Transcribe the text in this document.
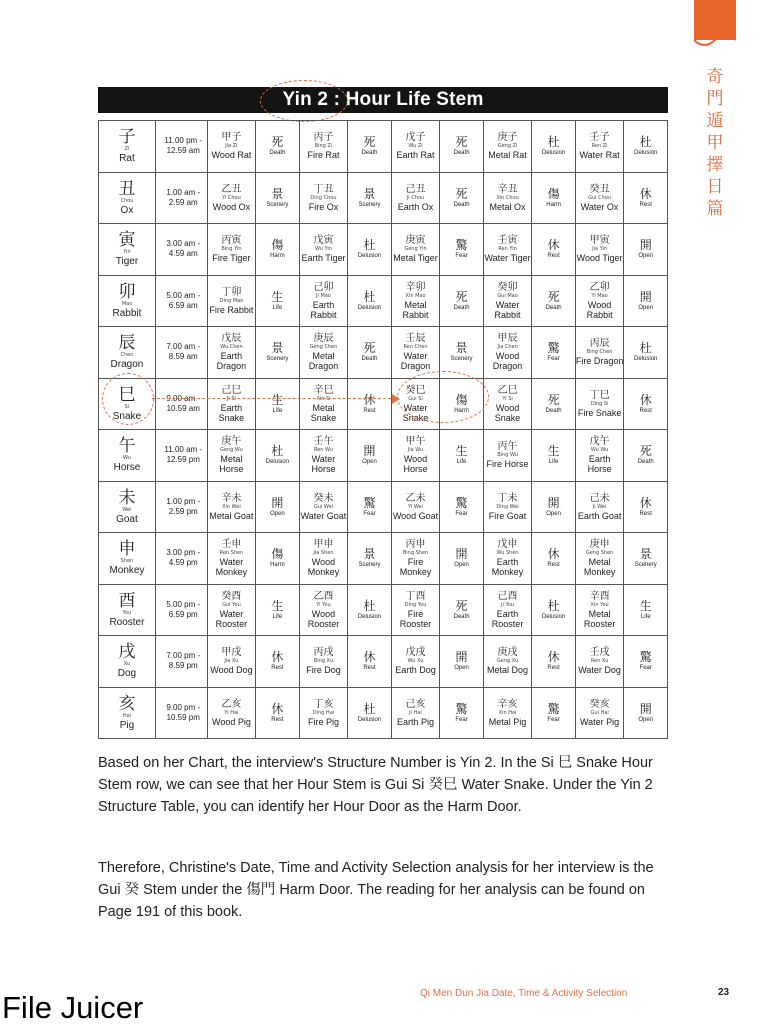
奇門遁甲擇日篇
Yin 2 : Hour Life Stem
子
Zi
Rat	11.00 pm -
12.59 am	甲子
Jia Zi
Wood Rat	死
Death	丙子
Bing Zi
Fire Rat	死
Death	戊子
Wu Zi
Earth Rat	死
Death	庚子
Geng Zi
Metal Rat	杜
Delusion	壬子
Ren Zi
Water Rat	杜
Delusion

丑
Chou
Ox	1.00 am -
2.59 am	乙丑
Yi Chou
Wood Ox	景
Scenery	丁丑
Ding Chou
Fire Ox	景
Scenery	己丑
Ji Chou
Earth Ox	死
Death	辛丑
Xin Chou
Metal Ox	傷
Harm	癸丑
Gui Chou
Water Ox	休
Rest

寅
Yin
Tiger	3.00 am -
4.59 am	丙寅
Bing Yin
Fire Tiger	傷
Harm	戊寅
Wu Yin
Earth Tiger	杜
Delusion	庚寅
Geng Yin
Metal Tiger	驚
Fear	壬寅
Ren Yin
Water Tiger	休
Rest	甲寅
Jia Yin
Wood Tiger	開
Open

卯
Mao
Rabbit	5.00 am -
6.59 am	丁卯
Ding Mao
Fire Rabbit	生
Life	己卯
Ji Mao
Earth Rabbit	杜
Delusion	辛卯
Xin Mao
Metal Rabbit	死
Death	癸卯
Gui Mao
Water Rabbit	死
Death	乙卯
Yi Mao
Wood Rabbit	開
Open

辰
Chen
Dragon	7.00 am -
8.59 am	戊辰
Wu Chen
Earth Dragon	景
Scenery	庚辰
Geng Chen
Metal Dragon	死
Death	壬辰
Ren Chen
Water Dragon	景
Scenery	甲辰
Jia Chen
Wood Dragon	驚
Fear	丙辰
Bing Chen
Fire Dragon	杜
Delusion

巳
Si
Snake	9.00 am -
10.59 am	己巳
Ji Si
Earth Snake	生
Life	辛巳
Xin Si
Metal Snake	休
Rest	癸巳
Gui Si
Water Snake	傷
Harm	乙巳
Yi Si
Wood Snake	死
Death	丁巳
Ding Si
Fire Snake	休
Rest

午
Wu
Horse	11.00 am -
12.59 pm	庚午
Geng Wu
Metal Horse	杜
Delusion	壬午
Ren Wu
Water Horse	開
Open	甲午
Jia Wu
Wood Horse	生
Life	丙午
Bing Wu
Fire Horse	生
Life	戊午
Wu Wu
Earth Horse	死
Death

未
Wei
Goat	1.00 pm -
2.59 pm	辛未
Xin Wei
Metal Goat	開
Open	癸未
Gui Wei
Water Goat	驚
Fear	乙未
Yi Wei
Wood Goat	驚
Fear	丁未
Ding Wei
Fire Goat	開
Open	己未
Ji Wei
Earth Goat	休
Rest

申
Shen
Monkey	3.00 pm -
4.59 pm	壬申
Ren Shen
Water Monkey	傷
Harm	甲申
Jia Shen
Wood Monkey	景
Scenery	丙申
Bing Shen
Fire Monkey	開
Open	戊申
Wu Shen
Earth Monkey	休
Rest	庚申
Geng Shen
Metal Monkey	景
Scenery

酉
You
Rooster	5.00 pm -
6.59 pm	癸酉
Gui You
Water Rooster	生
Life	乙酉
Yi You
Wood Rooster	杜
Delusion	丁酉
Ding You
Fire Rooster	死
Death	己酉
Ji You
Earth Rooster	杜
Delusion	辛酉
Xin You
Metal Rooster	生
Life

戌
Xu
Dog	7.00 pm -
8.59 pm	甲戌
Jia Xu
Wood Dog	休
Rest	丙戌
Bing Xu
Fire Dog	休
Rest	戊戌
Wu Xu
Earth Dog	開
Open	庚戌
Geng Xu
Metal Dog	休
Rest	壬戌
Ren Xu
Water Dog	驚
Fear

亥
Hai
Pig	9.00 pm -
10.59 pm	乙亥
Yi Hai
Wood Pig	休
Rest	丁亥
Ding Hai
Fire Pig	杜
Delusion	己亥
Ji Hai
Earth Pig	驚
Fear	辛亥
Xin Hai
Metal Pig	驚
Fear	癸亥
Gui Hai
Water Pig	開
Open
Based on her Chart, the interview's Structure Number is Yin 2. In the Si 巳 Snake Hour Stem row, we can see that her Hour Stem is Gui Si 癸巳 Water Snake. Under the Yin 2 Structure Table, you can identify her Hour Door as the Harm Door.
Therefore, Christine's Date, Time and Activity Selection analysis for her interview is the Gui 癸 Stem under the 傷門 Harm Door. The reading for her analysis can be found on Page 191 of this book.
File Juicer	Qi Men Dun Jia Date, Time & Activity Selection	23
